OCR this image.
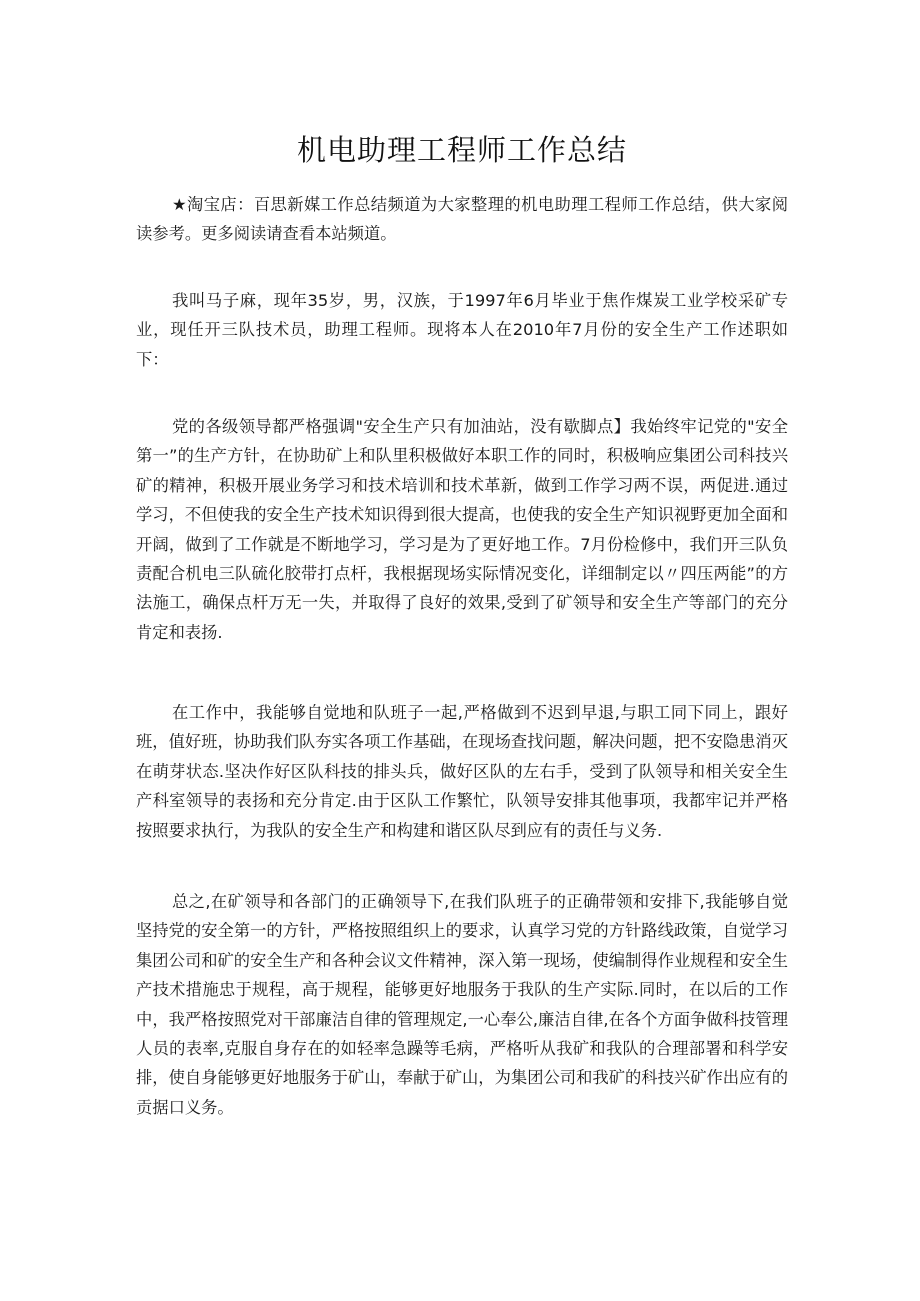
机电助理工程师工作总结

★淘宝店：百思新媒工作总结频道为大家整理的机电助理工程师工作总结，供大家阅读参考。更多阅读请查看本站频道。

我叫马子麻，现年35岁，男，汉族，于1997年6月毕业于焦作煤炭工业学校采矿专业，现任开三队技术员，助理工程师。现将本人在2010年7月份的安全生产工作述职如下：

党的各级领导都严格强调"安全生产只有加油站，没有歇脚点】我始终牢记党的"安全第一”的生产方针，在协助矿上和队里积极做好本职工作的同时，积极响应集团公司科技兴矿的精神，积极开展业务学习和技术培训和技术革新，做到工作学习两不误，两促进.通过学习，不但使我的安全生产技术知识得到很大提高，也使我的安全生产知识视野更加全面和开阔，做到了工作就是不断地学习，学习是为了更好地工作。7月份检修中，我们开三队负责配合机电三队硫化胶带打点杆，我根据现场实际情况变化，详细制定以〃四压两能”的方法施工，确保点杆万无一失，并取得了良好的效果,受到了矿领导和安全生产等部门的充分肯定和表扬.

在工作中，我能够自觉地和队班子一起,严格做到不迟到早退,与职工同下同上，跟好班，值好班，协助我们队夯实各项工作基础，在现场查找问题，解决问题，把不安隐患消灭在萌芽状态.坚决作好区队科技的排头兵，做好区队的左右手，受到了队领导和相关安全生产科室领导的表扬和充分肯定.由于区队工作繁忙，队领导安排其他事项，我都牢记并严格按照要求执行，为我队的安全生产和构建和谐区队尽到应有的责任与义务.

总之,在矿领导和各部门的正确领导下,在我们队班子的正确带领和安排下,我能够自觉坚持党的安全第一的方针，严格按照组织上的要求，认真学习党的方针路线政策，自觉学习集团公司和矿的安全生产和各种会议文件精神，深入第一现场，使编制得作业规程和安全生产技术措施忠于规程，高于规程，能够更好地服务于我队的生产实际.同时，在以后的工作中，我严格按照党对干部廉洁自律的管理规定,一心奉公,廉洁自律,在各个方面争做科技管理人员的表率,克服自身存在的如轻率急躁等毛病，严格听从我矿和我队的合理部署和科学安排，使自身能够更好地服务于矿山，奉献于矿山，为集团公司和我矿的科技兴矿作出应有的贡据口义务。
